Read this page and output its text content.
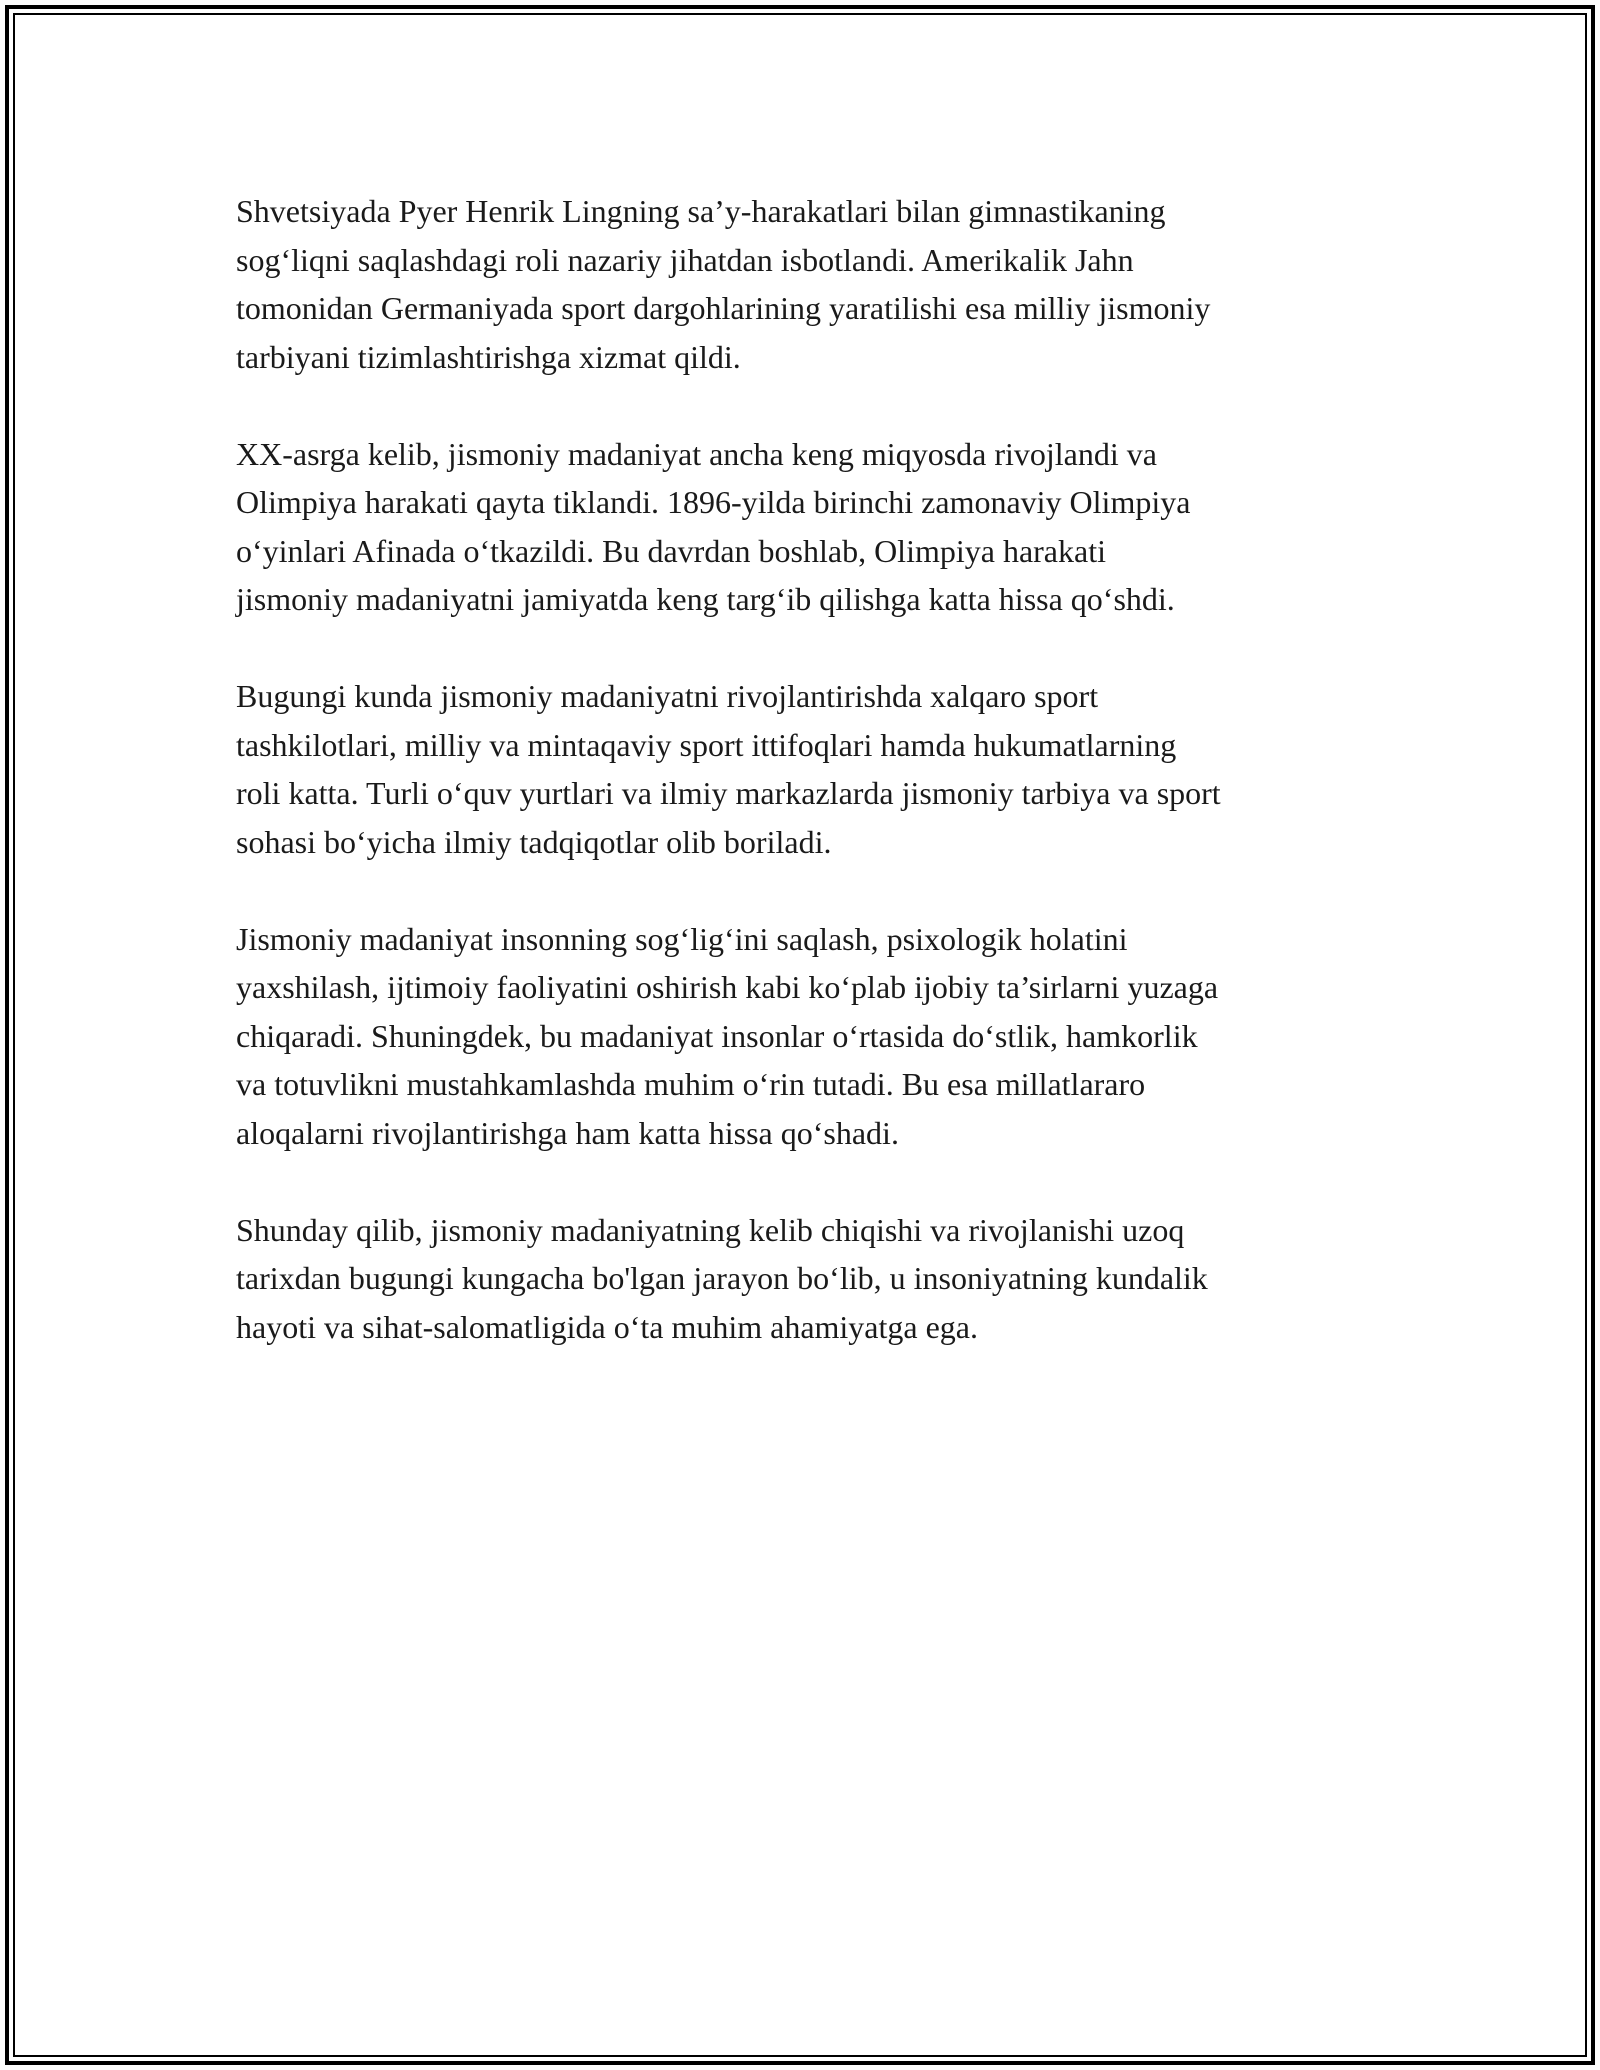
Shvetsiyada Pyer Henrik Lingning sa’y-harakatlari bilan gimnastikaning
sog‘liqni saqlashdagi roli nazariy jihatdan isbotlandi. Amerikalik Jahn
tomonidan Germaniyada sport dargohlarining yaratilishi esa milliy jismoniy
tarbiyani tizimlashtirishga xizmat qildi.

XX-asrga kelib, jismoniy madaniyat ancha keng miqyosda rivojlandi va
Olimpiya harakati qayta tiklandi. 1896-yilda birinchi zamonaviy Olimpiya
o‘yinlari Afinada o‘tkazildi. Bu davrdan boshlab, Olimpiya harakati
jismoniy madaniyatni jamiyatda keng targ‘ib qilishga katta hissa qo‘shdi.

Bugungi kunda jismoniy madaniyatni rivojlantirishda xalqaro sport
tashkilotlari, milliy va mintaqaviy sport ittifoqlari hamda hukumatlarning
roli katta. Turli o‘quv yurtlari va ilmiy markazlarda jismoniy tarbiya va sport
sohasi bo‘yicha ilmiy tadqiqotlar olib boriladi.

Jismoniy madaniyat insonning sog‘lig‘ini saqlash, psixologik holatini
yaxshilash, ijtimoiy faoliyatini oshirish kabi ko‘plab ijobiy ta’sirlarni yuzaga
chiqaradi. Shuningdek, bu madaniyat insonlar o‘rtasida do‘stlik, hamkorlik
va totuvlikni mustahkamlashda muhim o‘rin tutadi. Bu esa millatlararo
aloqalarni rivojlantirishga ham katta hissa qo‘shadi.

Shunday qilib, jismoniy madaniyatning kelib chiqishi va rivojlanishi uzoq
tarixdan bugungi kungacha bo'lgan jarayon bo‘lib, u insoniyatning kundalik
hayoti va sihat-salomatligida o‘ta muhim ahamiyatga ega.
